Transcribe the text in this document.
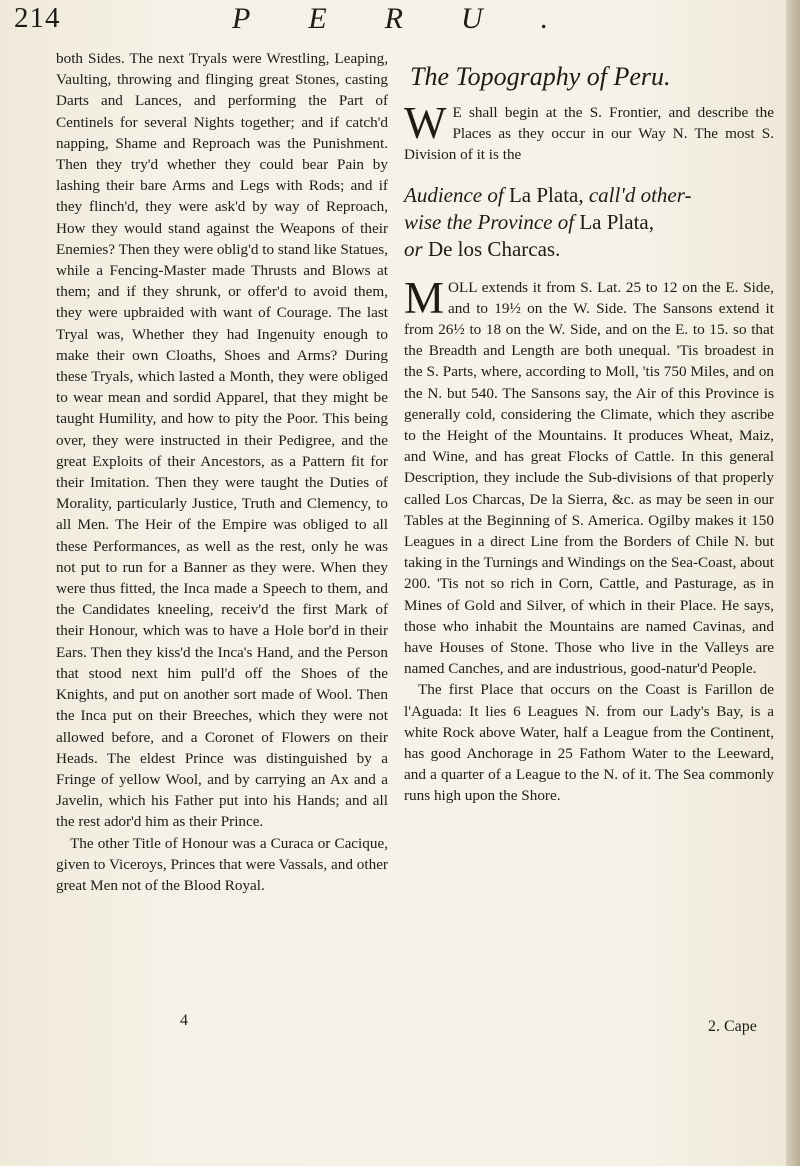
214	PERU.

both Sides. The next Tryals were Wrestling, Leaping, Vaulting, throwing and flinging great Stones, casting Darts and Lances, and performing the Part of Centinels for several Nights together; and if catch'd napping, Shame and Reproach was the Punishment. Then they try'd whether they could bear Pain by lashing their bare Arms and Legs with Rods; and if they flinch'd, they were ask'd by way of Reproach, How they would stand against the Weapons of their Enemies? Then they were oblig'd to stand like Statues, while a Fencing-Master made Thrusts and Blows at them; and if they shrunk, or offer'd to avoid them, they were upbraided with want of Courage. The last Tryal was, Whether they had Ingenuity enough to make their own Cloaths, Shoes and Arms? During these Tryals, which lasted a Month, they were obliged to wear mean and sordid Apparel, that they might be taught Humility, and how to pity the Poor. This being over, they were instructed in their Pedigree, and the great Exploits of their Ancestors, as a Pattern fit for their Imitation. Then they were taught the Duties of Morality, particularly Justice, Truth and Clemency, to all Men. The Heir of the Empire was obliged to all these Performances, as well as the rest, only he was not put to run for a Banner as they were. When they were thus fitted, the Inca made a Speech to them, and the Candidates kneeling, receiv'd the first Mark of their Honour, which was to have a Hole bor'd in their Ears. Then they kiss'd the Inca's Hand, and the Person that stood next him pull'd off the Shoes of the Knights, and put on another sort made of Wool. Then the Inca put on their Breeches, which they were not allowed before, and a Coronet of Flowers on their Heads. The eldest Prince was distinguished by a Fringe of yellow Wool, and by carrying an Ax and a Javelin, which his Father put into his Hands; and all the rest ador'd him as their Prince.

The other Title of Honour was a Curaca or Cacique, given to Viceroys, Princes that were Vassals, and other great Men not of the Blood Royal.

4
The Topography of Peru.

W E shall begin at the S. Frontier, and describe the Places as they occur in our Way N. The most S. Division of it is the

Audience of La Plata, call'd other-
wise the Province of La Plata,
or De los Charcas.

MOLL extends it from S. Lat. 25 to 12 on the E. Side, and to 19½ on the W. Side. The Sansons extend it from 26½ to 18 on the W. Side, and on the E. to 15. so that the Breadth and Length are both unequal. 'Tis broadest in the S. Parts, where, according to Moll, 'tis 750 Miles, and on the N. but 540. The Sansons say, the Air of this Province is generally cold, considering the Climate, which they ascribe to the Height of the Mountains. It produces Wheat, Maiz, and Wine, and has great Flocks of Cattle. In this general Description, they include the Sub-divisions of that properly called Los Charcas, De la Sierra, &c. as may be seen in our Tables at the Beginning of S. America. Ogilby makes it 150 Leagues in a direct Line from the Borders of Chile N. but taking in the Turnings and Windings on the Sea-Coast, about 200. 'Tis not so rich in Corn, Cattle, and Pasturage, as in Mines of Gold and Silver, of which in their Place. He says, those who inhabit the Mountains are named Cavinas, and have Houses of Stone. Those who live in the Valleys are named Canches, and are industrious, good-natur'd People.

The first Place that occurs on the Coast is Farillon de l'Aguada: It lies 6 Leagues N. from our Lady's Bay, is a white Rock above Water, half a League from the Continent, has good Anchorage in 25 Fathom Water to the Leeward, and a quarter of a League to the N. of it. The Sea commonly runs high upon the Shore.

2. Cape
